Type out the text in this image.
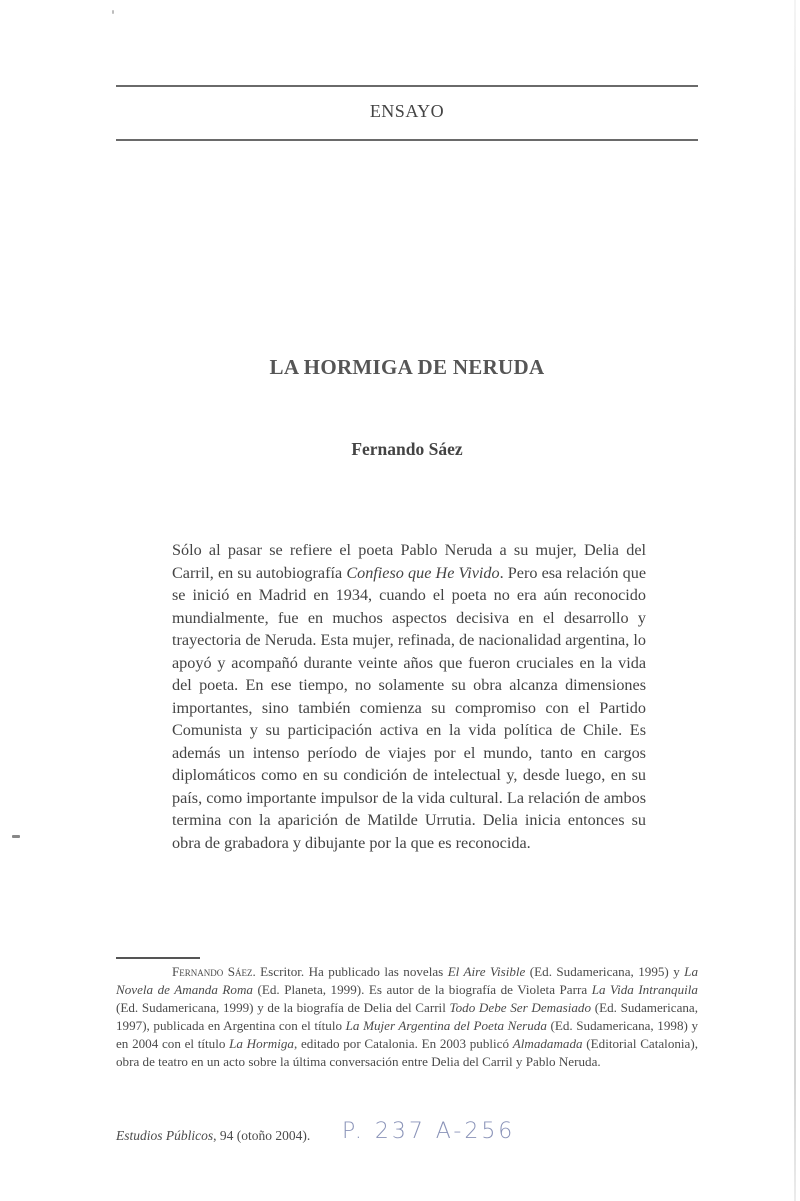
ENSAYO
LA HORMIGA DE NERUDA
Fernando Sáez
Sólo al pasar se refiere el poeta Pablo Neruda a su mujer, Delia del Carril, en su autobiografía Confieso que He Vivido. Pero esa relación que se inició en Madrid en 1934, cuando el poeta no era aún reconocido mundialmente, fue en muchos aspectos decisiva en el desarrollo y trayectoria de Neruda. Esta mujer, refinada, de nacionalidad argentina, lo apoyó y acompañó durante veinte años que fueron cruciales en la vida del poeta. En ese tiempo, no solamente su obra alcanza dimensiones importantes, sino también comienza su compromiso con el Partido Comunista y su participación activa en la vida política de Chile. Es además un intenso período de viajes por el mundo, tanto en cargos diplomáticos como en su condición de intelectual y, desde luego, en su país, como importante impulsor de la vida cultural. La relación de ambos termina con la aparición de Matilde Urrutia. Delia inicia entonces su obra de grabadora y dibujante por la que es reconocida.

Fernando Sáez. Escritor. Ha publicado las novelas El Aire Visible (Ed. Sudamericana, 1995) y La Novela de Amanda Roma (Ed. Planeta, 1999). Es autor de la biografía de Violeta Parra La Vida Intranquila (Ed. Sudamericana, 1999) y de la biografía de Delia del Carril Todo Debe Ser Demasiado (Ed. Sudamericana, 1997), publicada en Argentina con el título La Mujer Argentina del Poeta Neruda (Ed. Sudamericana, 1998) y en 2004 con el título La Hormiga, editado por Catalonia. En 2003 publicó Almadamada (Editorial Catalonia), obra de teatro en un acto sobre la última conversación entre Delia del Carril y Pablo Neruda.

Estudios Públicos, 94 (otoño 2004). P. 237 A-256
